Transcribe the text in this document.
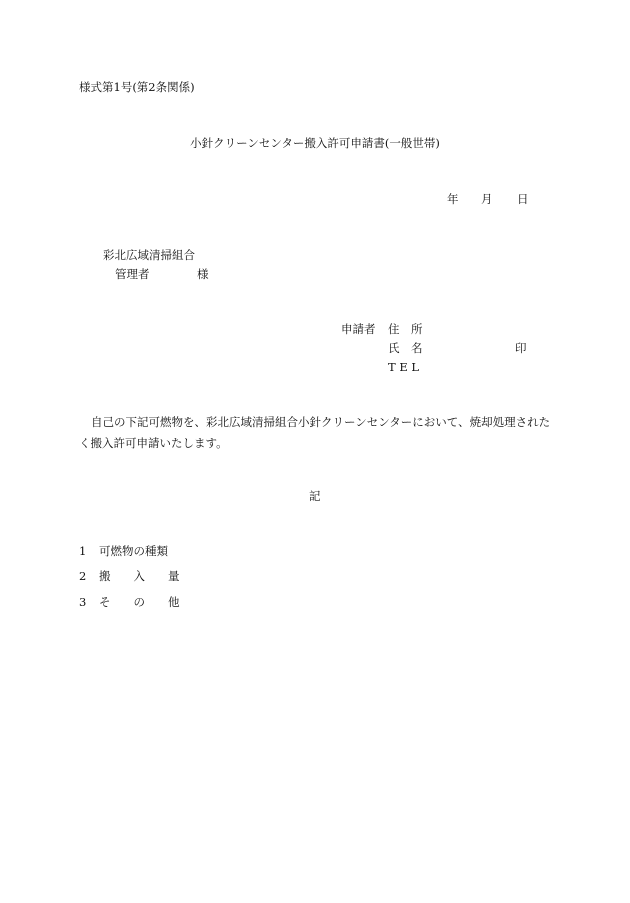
様式第1号(第2条関係)
小針クリーンセンター搬入許可申請書(一般世帯)
年 月 日
彩北広域清掃組合
管理者	様
申請者 住　所
氏　名	印
T E L
自己の下記可燃物を、彩北広域清掃組合小針クリーンセンターにおいて、焼却処理されたく搬入許可申請いたします。
記
1 可燃物の種類
2 搬　　入　　量
3 そ　　の　　他
